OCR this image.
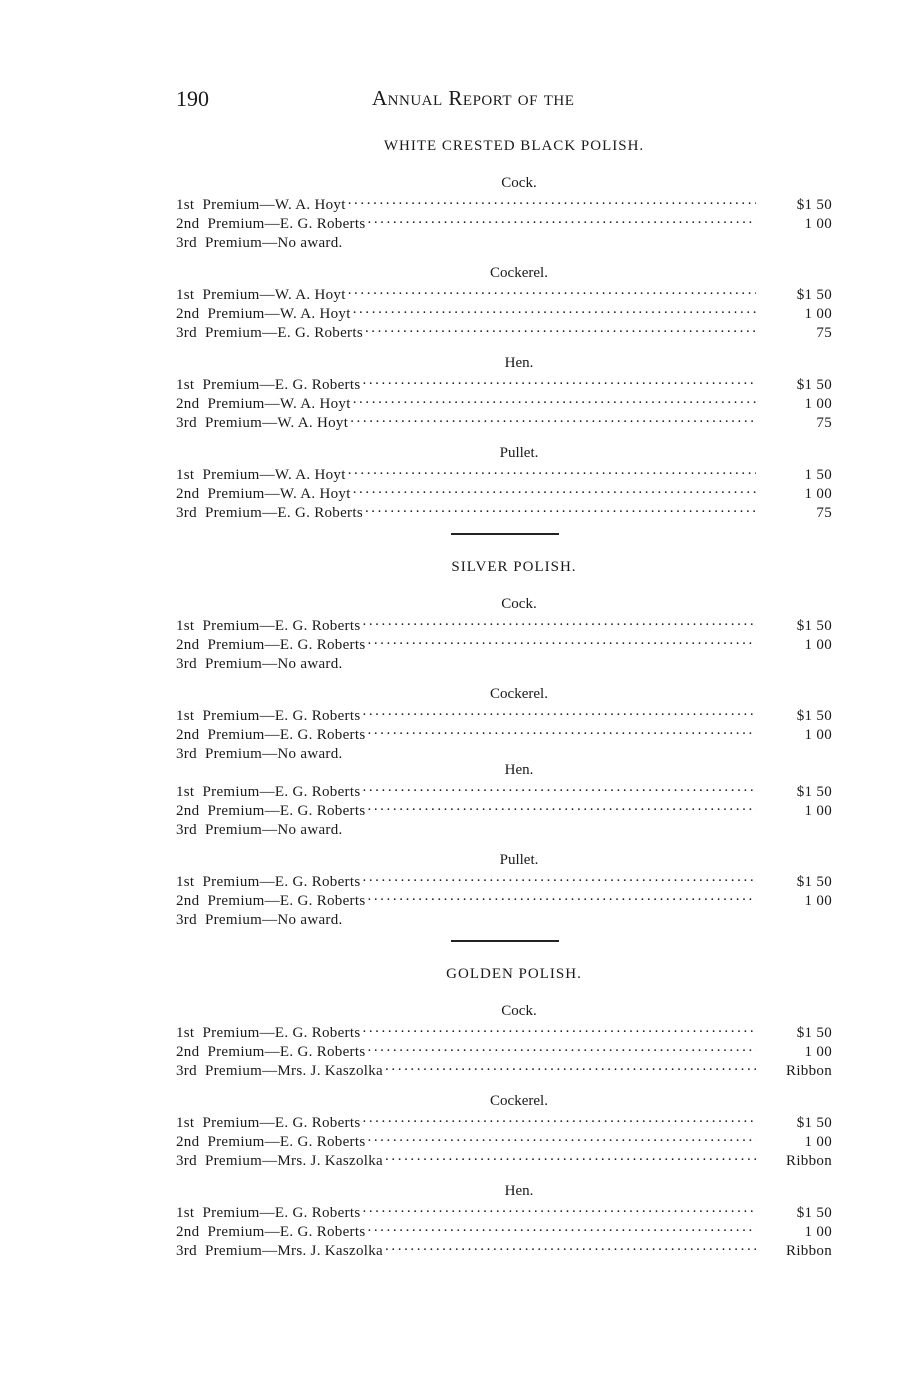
190	Annual Report of the
WHITE CRESTED BLACK POLISH.
Cock.
1st  Premium—W. A. Hoyt .....	$1 50
2nd  Premium—E. G. Roberts .....	1 00
3rd  Premium—No award.
Cockerel.
1st  Premium—W. A. Hoyt .....	$1 50
2nd  Premium—W. A. Hoyt .....	1 00
3rd  Premium—E. G. Roberts .....	75
Hen.
1st  Premium—E. G. Roberts .....	$1 50
2nd  Premium—W. A. Hoyt .....	1 00
3rd  Premium—W. A. Hoyt .....	75
Pullet.
1st  Premium—W. A. Hoyt .....	1 50
2nd  Premium—W. A. Hoyt .....	1 00
3rd  Premium—E. G. Roberts .....	75
SILVER POLISH.
Cock.
1st  Premium—E. G. Roberts .....	$1 50
2nd  Premium—E. G. Roberts .....	1 00
3rd  Premium—No award.
Cockerel.
1st  Premium—E. G. Roberts .....	$1 50
2nd  Premium—E. G. Roberts .....	1 00
3rd  Premium—No award.
Hen.
1st  Premium—E. G. Roberts .....	$1 50
2nd  Premium—E. G. Roberts .....	1 00
3rd  Premium—No award.
Pullet.
1st  Premium—E. G. Roberts .....	$1 50
2nd  Premium—E. G. Roberts .....	1 00
3rd  Premium—No award.
GOLDEN POLISH.
Cock.
1st  Premium—E. G. Roberts .....	$1 50
2nd  Premium—E. G. Roberts .....	1 00
3rd  Premium—Mrs. J. Kaszolka .....	Ribbon
Cockerel.
1st  Premium—E. G. Roberts .....	$1 50
2nd  Premium—E. G. Roberts .....	1 00
3rd  Premium—Mrs. J. Kaszolka .....	Ribbon
Hen.
1st  Premium—E. G. Roberts .....	$1 50
2nd  Premium—E. G. Roberts .....	1 00
3rd  Premium—Mrs. J. Kaszolka .....	Ribbon
